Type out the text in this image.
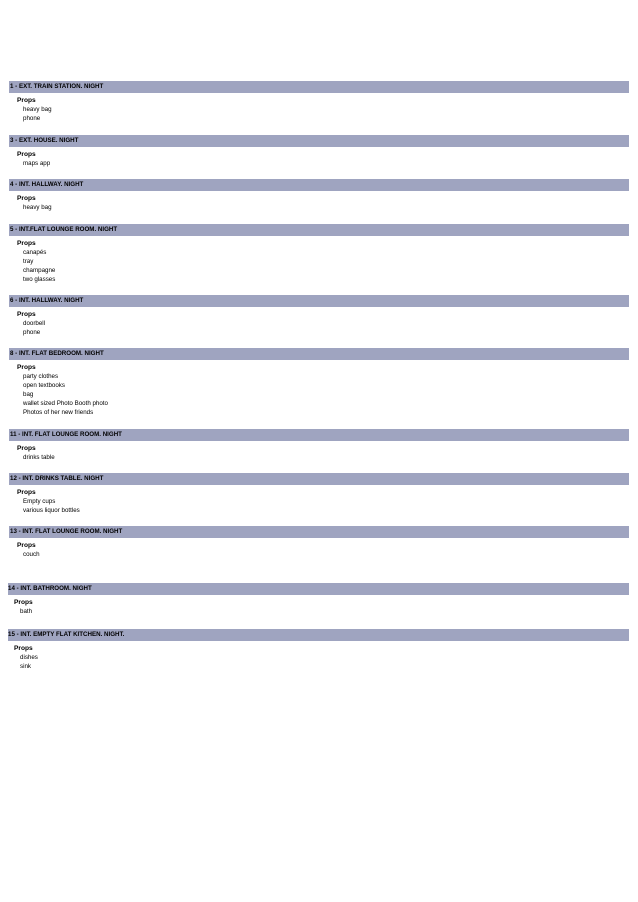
1 - EXT. TRAIN STATION. NIGHT
Props
heavy bag
phone
3 - EXT. HOUSE. NIGHT
Props
maps app
4 - INT. HALLWAY. NIGHT
Props
heavy bag
5 - INT.FLAT LOUNGE ROOM. NIGHT
Props
canapés
tray
champagne
two glasses
6 - INT. HALLWAY. NIGHT
Props
doorbell
phone
8 - INT. FLAT BEDROOM. NIGHT
Props
party clothes
open textbooks
bag
wallet sized Photo Booth photo
Photos of her new friends
11 - INT. FLAT LOUNGE ROOM. NIGHT
Props
drinks table
12 - INT. DRINKS TABLE. NIGHT
Props
Empty cups
various liquor bottles
13 - INT. FLAT LOUNGE ROOM. NIGHT
Props
couch
14 - INT. BATHROOM. NIGHT
Props
bath
15 - INT. EMPTY FLAT KITCHEN. NIGHT.
Props
dishes
sink
